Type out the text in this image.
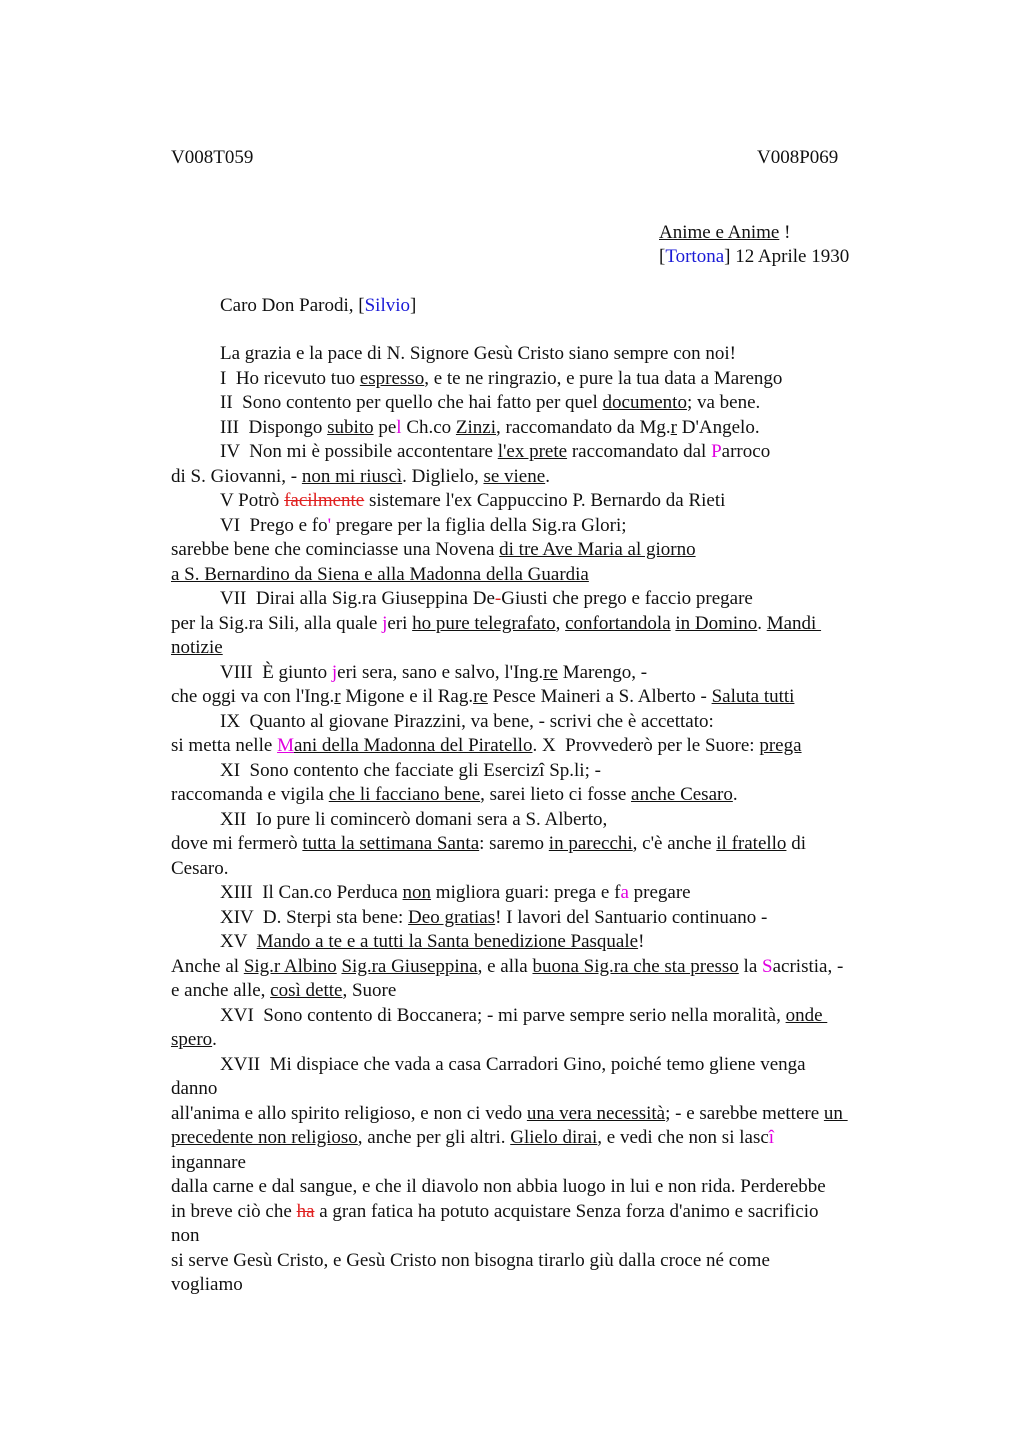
V008T059	V008P069
Anime e Anime !
[Tortona] 12 Aprile 1930
Caro Don Parodi, [Silvio]
La grazia e la pace di N. Signore Gesù Cristo siano sempre con noi!
I  Ho ricevuto tuo espresso, e te ne ringrazio, e pure la tua data a Marengo
II  Sono contento per quello che hai fatto per quel documento; va bene.
III  Dispongo subito pel Ch.co Zinzi, raccomandato da Mg.r D'Angelo.
IV  Non mi è possibile accontentare l'ex prete raccomandato dal Parroco
di S. Giovanni, - non mi riuscì. Diglielo, se viene.
V Potrò facilmente sistemare l'ex Cappuccino P. Bernardo da Rieti
VI  Prego e fo' pregare per la figlia della Sig.ra Glori;
sarebbe bene che cominciasse una Novena di tre Ave Maria al giorno
a S. Bernardino da Siena e alla Madonna della Guardia
VII  Dirai alla Sig.ra Giuseppina De-Giusti che prego e faccio pregare
per la Sig.ra Sili, alla quale jeri ho pure telegrafato, confortandola in Domino. Mandi
notizie
VIII  È giunto jeri sera, sano e salvo, l'Ing.re Marengo, -
che oggi va con l'Ing.r Migone e il Rag.re Pesce Maineri a S. Alberto - Saluta tutti
IX  Quanto al giovane Pirazzini, va bene, - scrivi che è accettato:
si metta nelle Mani della Madonna del Piratello. X  Provvederò per le Suore: prega
XI  Sono contento che facciate gli Esercizî Sp.li; -
raccomanda e vigila che li facciano bene, sarei lieto ci fosse anche Cesaro.
XII  Io pure li comincerò domani sera a S. Alberto,
dove mi fermerò tutta la settimana Santa: saremo in parecchi, c'è anche il fratello di
Cesaro.
XIII  Il Can.co Perduca non migliora guari: prega e fa pregare
XIV  D. Sterpi sta bene: Deo gratias! I lavori del Santuario continuano -
XV  Mando a te e a tutti la Santa benedizione Pasquale!
Anche al Sig.r Albino Sig.ra Giuseppina, e alla buona Sig.ra che sta presso la Sacristia, -
e anche alle, così dette, Suore
XVI  Sono contento di Boccanera; - mi parve sempre serio nella moralità, onde
spero.
XVII  Mi dispiace che vada a casa Carradori Gino, poiché temo gliene venga
danno
all'anima e allo spirito religioso, e non ci vedo una vera necessità; - e sarebbe mettere un
precedente non religioso, anche per gli altri. Glielo dirai, e vedi che non si lascî
ingannare
dalla carne e dal sangue, e che il diavolo non abbia luogo in lui e non rida. Perderebbe
in breve ciò che ha a gran fatica ha potuto acquistare Senza forza d'animo e sacrificio
non
si serve Gesù Cristo, e Gesù Cristo non bisogna tirarlo giù dalla croce né come
vogliamo
